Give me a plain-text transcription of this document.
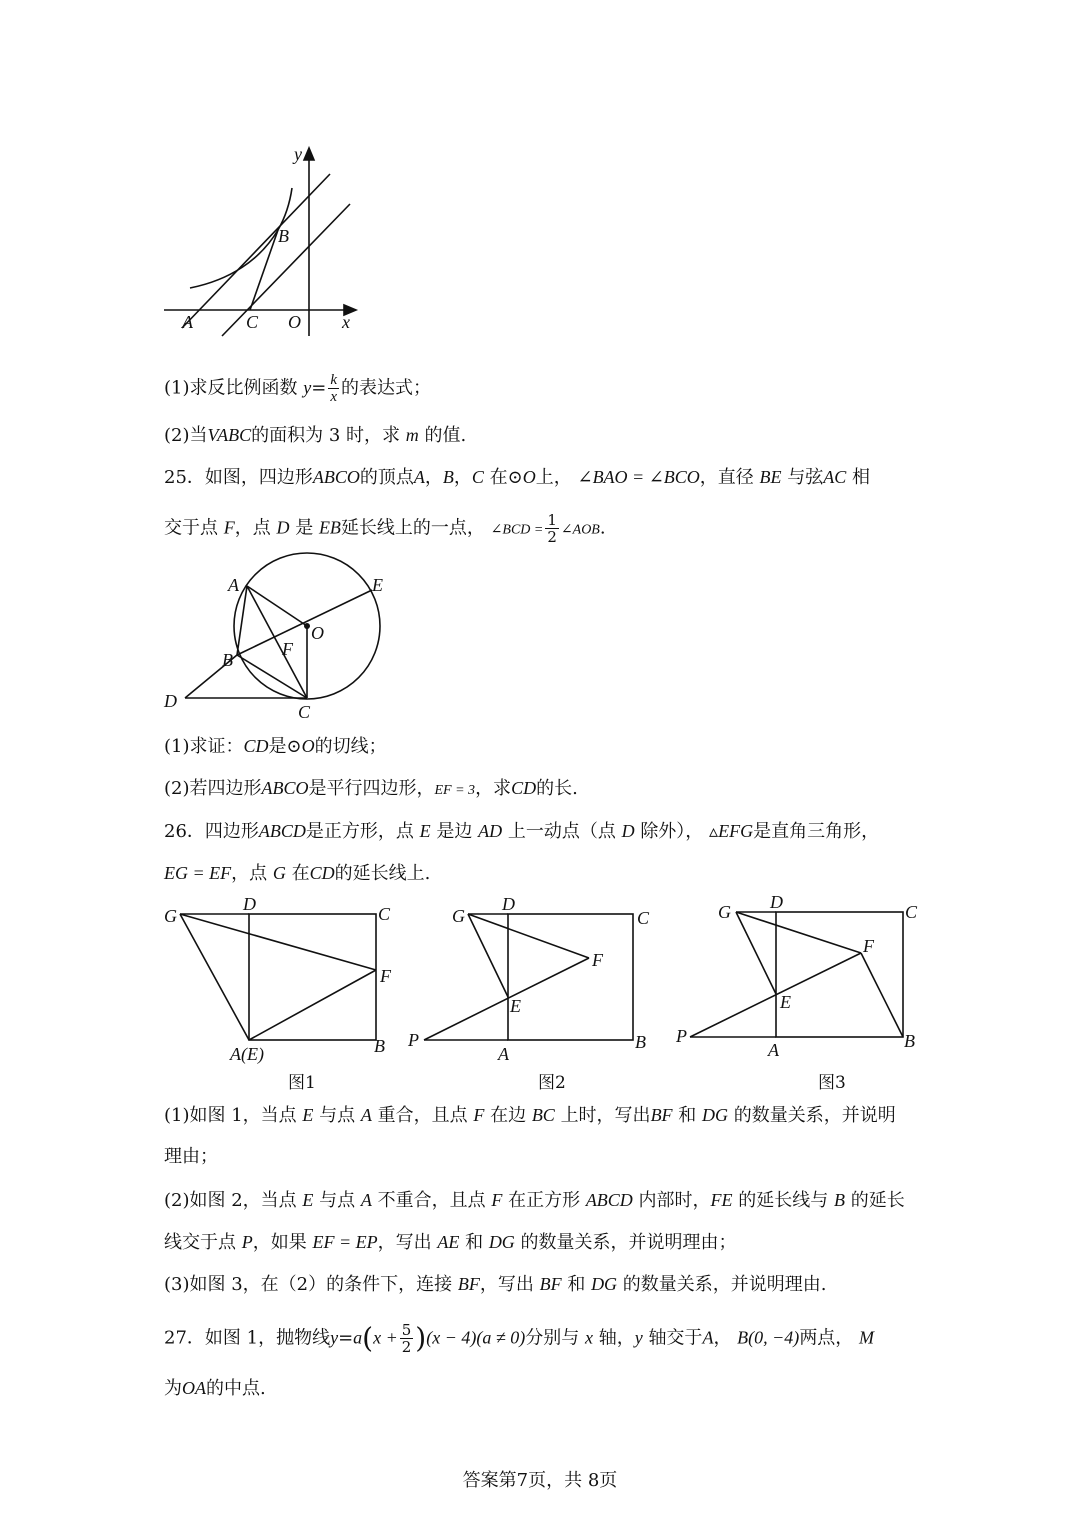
y
B
A	C O x
(1)求反比例函数 $y= \frac{k}{x}$ 的表达式；
(2)当VABC的面积为 3 时，求 m 的值.
25．如图，四边形ABCO的顶点A，B，C 在⊙O上， ∠BAO = ∠BCO，直径 BE 与弦AC 相
交于点 F，点 D 是 EB延长线上的一点， ∠BCD = $\frac{1}{2}$ ∠AOB.
A	E
O
F
B
D
C
(1)求证：CD是⊙O的切线；
(2)若四边形ABCO是平行四边形，EF = 3，求CD的长.
26．四边形ABCD是正方形，点 E 是边 AD 上一动点（点 D 除外）， ▵EFG是直角三角形，
EG = EF，点 G 在CD的延长线上.
G
D	C
F
A(E)	B
图1
G
D
C
F
E
P
A
B
图2
G D	C
F
E
P
A	B
图3
(1)如图 1，当点 E 与点 A 重合，且点 F 在边 BC 上时，写出BF 和 DG 的数量关系，并说明
理由；
(2)如图 2，当点 E 与点 A 不重合，且点 F 在正方形 ABCD 内部时，FE 的延长线与 B 的延长
线交于点 P，如果 EF = EP，写出 AE 和 DG 的数量关系，并说明理由；
(3)如图 3，在（2）的条件下，连接 BF，写出 BF 和 DG 的数量关系，并说明理由.
27．如图 1，抛物线$y=a(x + \frac{5}{2} )(x - 4)(a \ne 0)$分别与 x 轴，y 轴交于A， B(0, −4)两点， M
为OA的中点.
答案第7页，共 8页
